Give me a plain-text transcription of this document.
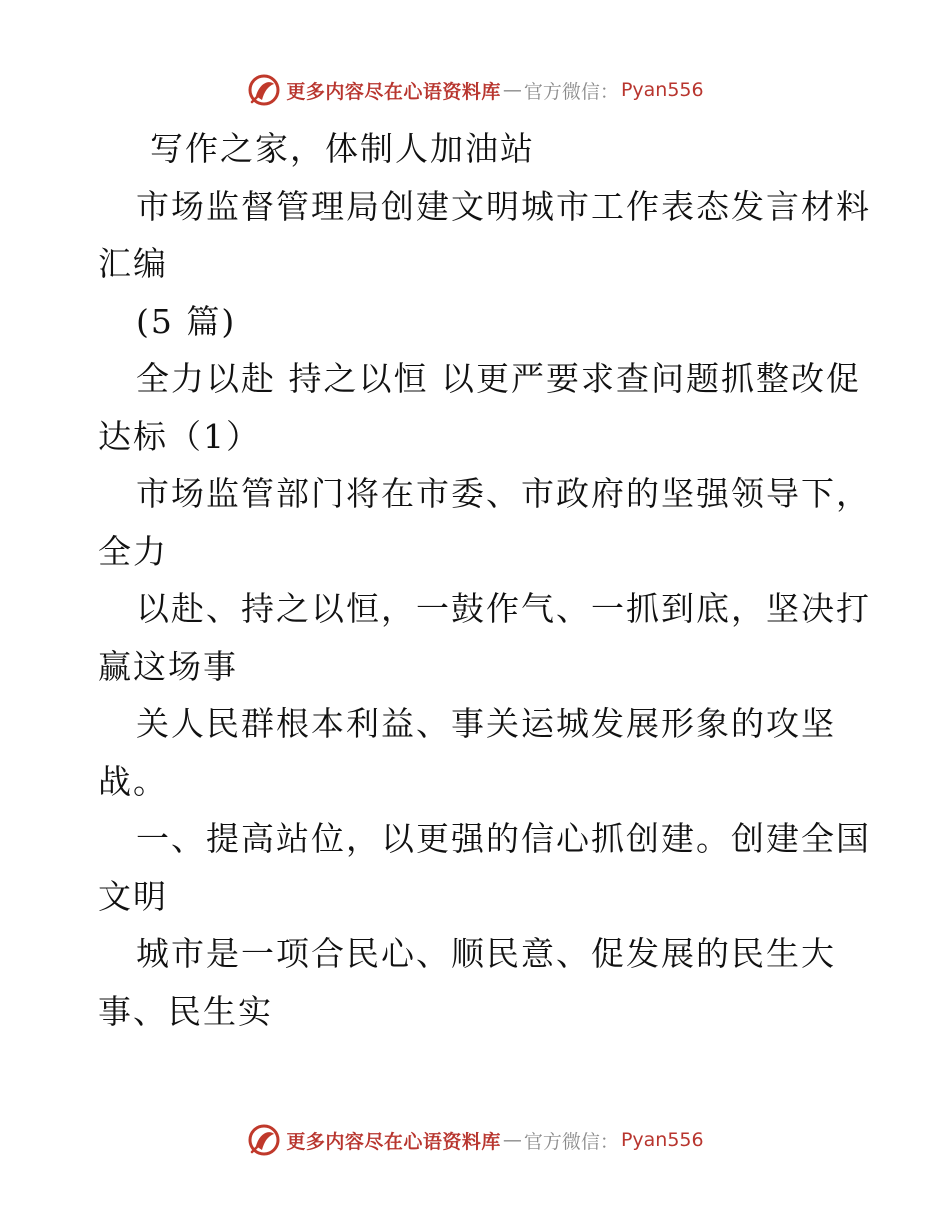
更多内容尽在心语资料库 — 官方微信： Pyan556
写作之家，体制人加油站
市场监督管理局创建文明城市工作表态发言材料
汇编
(5 篇)
全力以赴 持之以恒 以更严要求查问题抓整改促
达标（1）
市场监管部门将在市委、市政府的坚强领导下，
全力
以赴、持之以恒，一鼓作气、一抓到底，坚决打
赢这场事
关人民群根本利益、事关运城发展形象的攻坚
战。
一、提高站位，以更强的信心抓创建。创建全国
文明
城市是一项合民心、顺民意、促发展的民生大
事、民生实
更多内容尽在心语资料库 — 官方微信： Pyan556
